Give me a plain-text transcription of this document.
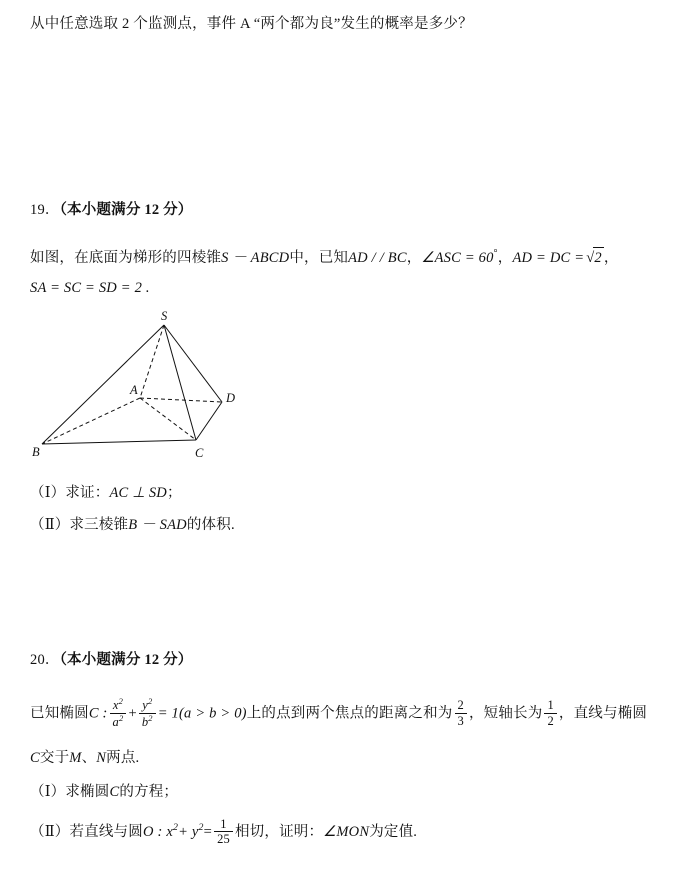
从中任意选取 2 个监测点，事件 A “两个都为良”发生的概率是多少？
19．（本小题满分 12 分）
如图，在底面为梯形的四棱锥S － ABCD中，已知AD / / BC，∠ASC = 60°，AD = DC = √2 ，
SA = SC = SD = 2 .
S
A
B	C
D
（Ⅰ）求证：AC ⊥ SD；
（Ⅱ）求三棱锥B － SAD的体积.
20．（本小题满分 12 分）
已知椭圆C : $\frac{x^2}{a^2} + \frac{y^2}{b^2} = 1(a > b > 0)$上的点到两个焦点的距离之和为 $\frac{2}{3}$ ，短轴长为 $\frac{1}{2}$ ，直线与椭圆
C交于M、N两点.
（Ⅰ）求椭圆C的方程；
（Ⅱ）若直线与圆O : $x^2+ y^2= \frac{1}{25}$ 相切，证明：∠MON为定值.
